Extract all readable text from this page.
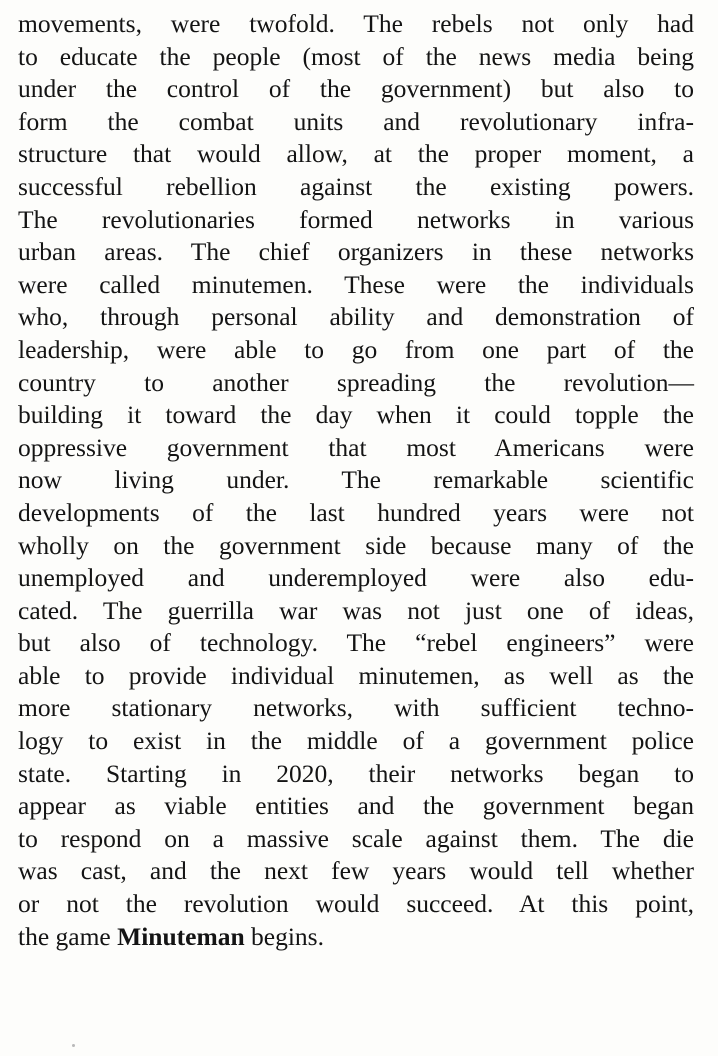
movements, were twofold. The rebels not only had
to educate the people (most of the news media being
under the control of the government) but also to
form the combat units and revolutionary infra-
structure that would allow, at the proper moment, a
successful rebellion against the existing powers.
The revolutionaries formed networks in various
urban areas. The chief organizers in these networks
were called minutemen. These were the individuals
who, through personal ability and demonstration of
leadership, were able to go from one part of the
country to another spreading the revolution—
building it toward the day when it could topple the
oppressive government that most Americans were
now living under. The remarkable scientific
developments of the last hundred years were not
wholly on the government side because many of the
unemployed and underemployed were also edu-
cated. The guerrilla war was not just one of ideas,
but also of technology. The “rebel engineers” were
able to provide individual minutemen, as well as the
more stationary networks, with sufficient techno-
logy to exist in the middle of a government police
state. Starting in 2020, their networks began to
appear as viable entities and the government began
to respond on a massive scale against them. The die
was cast, and the next few years would tell whether
or not the revolution would succeed. At this point,
the game Minuteman begins.
